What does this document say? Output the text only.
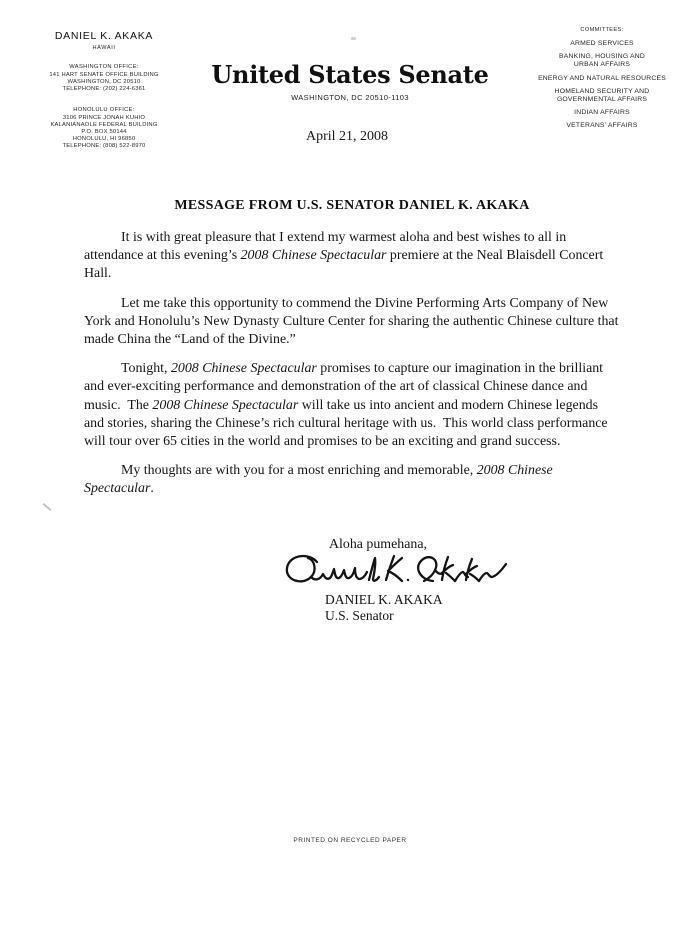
DANIEL K. AKAKA
HAWAII
WASHINGTON OFFICE:
141 HART SENATE OFFICE BUILDING
WASHINGTON, DC 20510
TELEPHONE: (202) 224-6361
HONOLULU OFFICE:
3106 PRINCE JONAH KUHIO
KALANIANAOLE FEDERAL BUILDING
P.O. BOX 50144
HONOLULU, HI 96850
TELEPHONE: (808) 522-8970
United States Senate
WASHINGTON, DC 20510-1103
April 21, 2008
COMMITTEES:
ARMED SERVICES
BANKING, HOUSING AND
URBAN AFFAIRS
ENERGY AND NATURAL RESOURCES
HOMELAND SECURITY AND
GOVERNMENTAL AFFAIRS
INDIAN AFFAIRS
VETERANS’ AFFAIRS
MESSAGE FROM U.S. SENATOR DANIEL K. AKAKA

It is with great pleasure that I extend my warmest aloha and best wishes to all in attendance at this evening’s 2008 Chinese Spectacular premiere at the Neal Blaisdell Concert Hall.

Let me take this opportunity to commend the Divine Performing Arts Company of New York and Honolulu’s New Dynasty Culture Center for sharing the authentic Chinese culture that made China the “Land of the Divine.”

Tonight, 2008 Chinese Spectacular promises to capture our imagination in the brilliant and ever-exciting performance and demonstration of the art of classical Chinese dance and music.  The 2008 Chinese Spectacular will take us into ancient and modern Chinese legends and stories, sharing the Chinese’s rich cultural heritage with us.  This world class performance will tour over 65 cities in the world and promises to be an exciting and grand success.

My thoughts are with you for a most enriching and memorable, 2008 Chinese Spectacular.

Aloha pumehana,
DANIEL K. AKAKA
U.S. Senator
PRINTED ON RECYCLED PAPER
